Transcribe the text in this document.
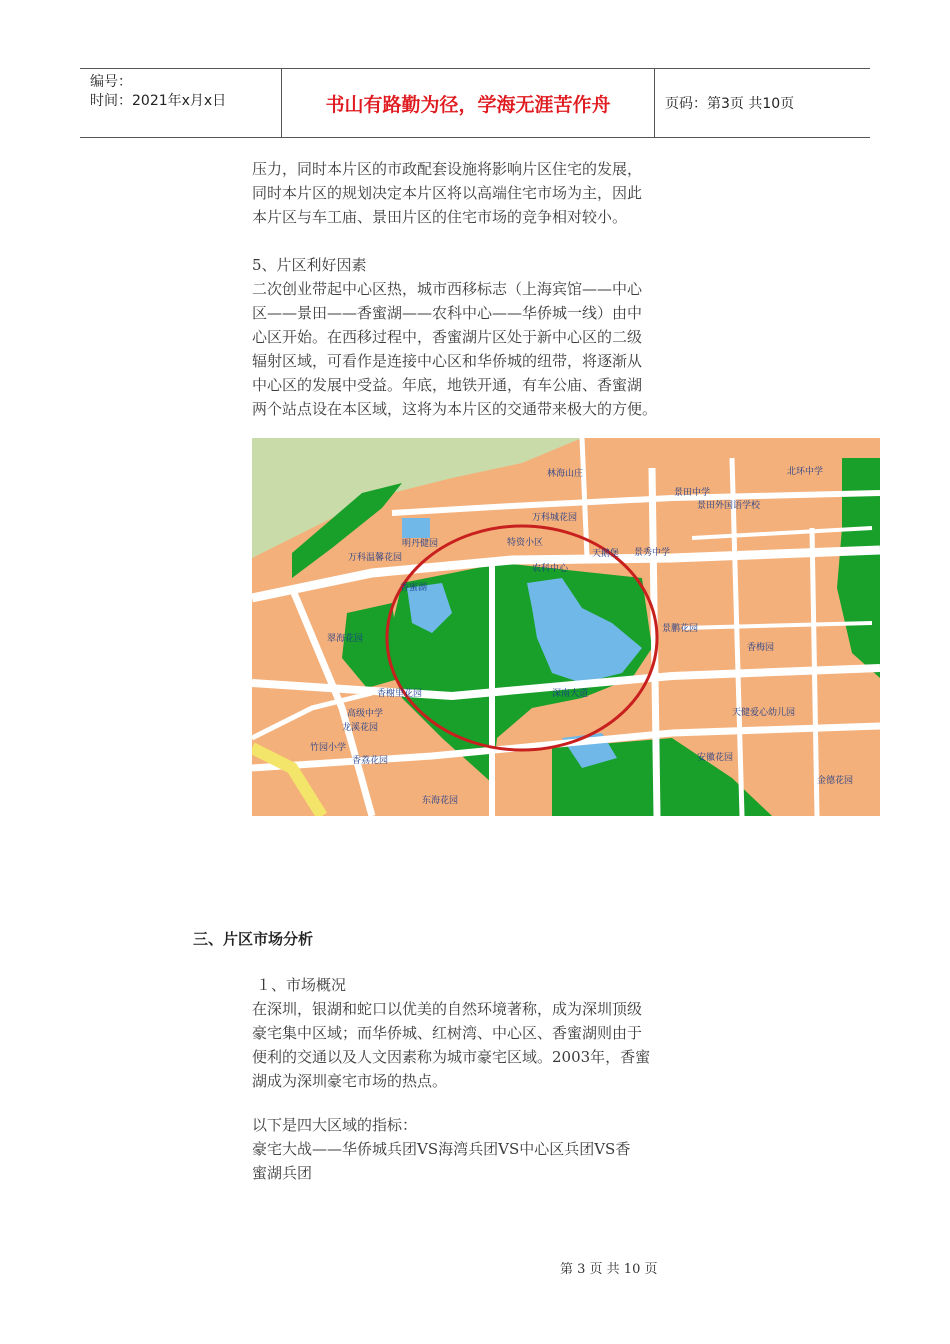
编号：
时间：2021年x月x日	书山有路勤为径，学海无涯苦作舟	页码：第3页 共10页

压力，同时本片区的市政配套设施将影响片区住宅的发展，

同时本片区的规划决定本片区将以高端住宅市场为主，因此

本片区与车工庙、景田片区的住宅市场的竞争相对较小。

5、片区利好因素

二次创业带起中心区热，城市西移标志（上海宾馆——中心

区——景田——香蜜湖——农科中心——华侨城一线）由中

心区开始。在西移过程中，香蜜湖片区处于新中心区的二级

辐射区域，可看作是连接中心区和华侨城的纽带，将逐渐从

中心区的发展中受益。年底，地铁开通，有车公庙、香蜜湖

两个站点设在本区域，这将为本片区的交通带来极大的方便。

林海山庄
万科城花园
明丹健园
万科温馨花园
特资小区
景田中学
景田外国语学校
北环中学
天鹅堡
香蜜湖
农科中心
景秀中学
翠海花园
香榭里花园
高级中学
龙溪花园
竹园小学
香荔花园
东海花园
深南大道
天健爱心幼儿园
香梅园
安徽花园
景鹏花园
金德花园
三、片区市场分析

１、市场概况

在深圳，银湖和蛇口以优美的自然环境著称，成为深圳顶级

豪宅集中区域；而华侨城、红树湾、中心区、香蜜湖则由于

便利的交通以及人文因素称为城市豪宅区域。2003年，香蜜

湖成为深圳豪宅市场的热点。

以下是四大区域的指标：

豪宅大战——华侨城兵团VS海湾兵团VS中心区兵团VS香

蜜湖兵团

第 3 页 共 10 页
